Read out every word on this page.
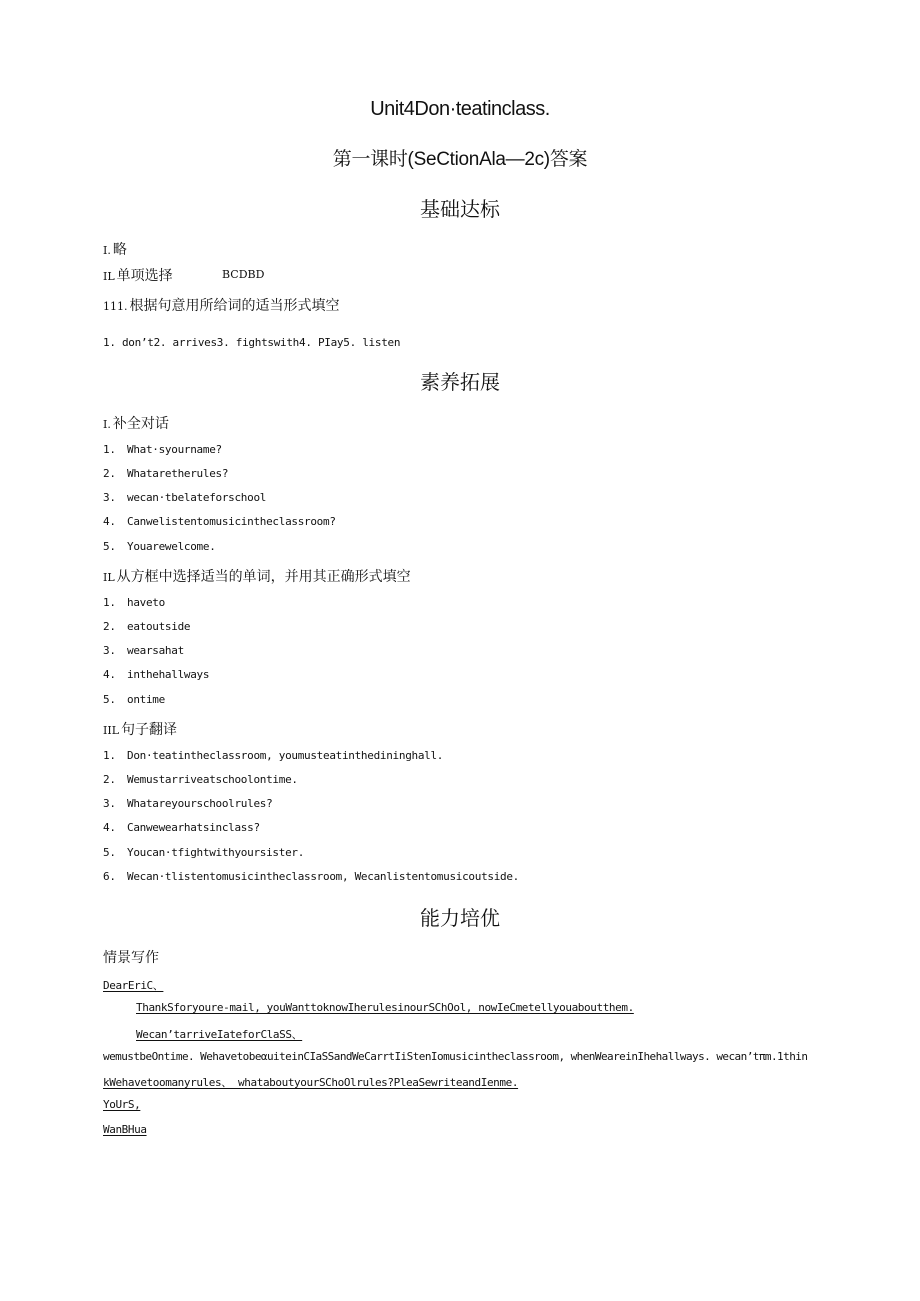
Unit4Don·teatinclass.
第一课时(SeCtionAla—2c)答案
基础达标

I. 略

IL 单项选择	BCDBD

111. 根据句意用所给词的适当形式填空

1. don’t2. arrives3. fightswith4. PIay5. listen
素养拓展

I. 补全对话

1. What·syourname?
2. Whataretherules?
3. wecan·tbelateforschool
4. Canwelistentomusicintheclassroom?
5. Youarewelcome.

IL 从方框中选择适当的单词，并用其正确形式填空

1. haveto
2. eatoutside
3. wearsahat
4. inthehallways
5. ontime

IIL 句子翻译

1. Don·teatintheclassroom, youmusteatinthedininghall.
2. Wemustarriveatschoolontime.
3. Whatareyourschoolrules?
4. Canwewearhatsinclass?
5. Youcan·tfightwithyoursister.
6. Wecan·tlistentomusicintheclassroom, Wecanlistentomusicoutside.
能力培优

情景写作

DearEriC、
ThankSforyoure-mail, youWanttoknowIherulesinourSChOol, nowIeCmetellyouaboutthem.
Wecan’tarriveIateforClaSS、
wemustbeOntime. WehavetobeαuiteinCIaSSandWeCarrtIiStenIomusicintheclassroom, whenWeareinIhehallways. wecan’tπm.1thin
kWehavetoomanyrules、 whataboutyourSChoOlrules?PleaSewriteandIenme.
YoUrS,
WanBHua
